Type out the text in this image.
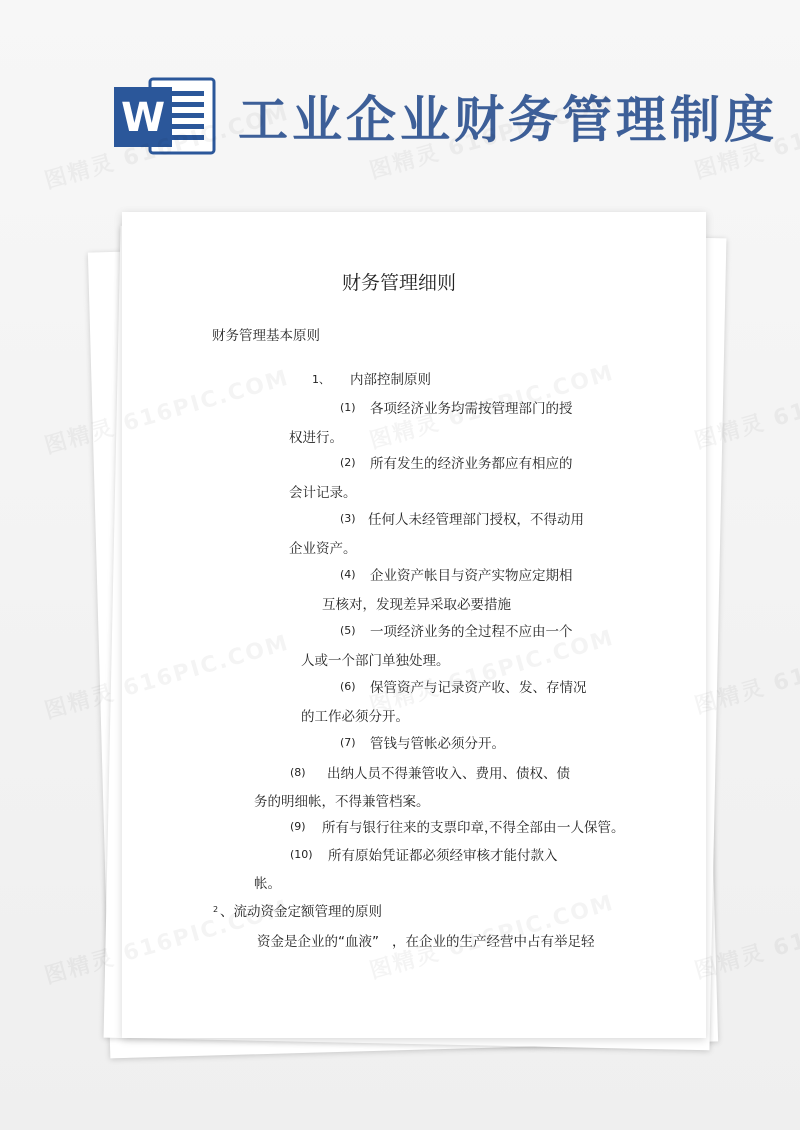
W 工业企业财务管理制度
财务管理细则
财务管理基本原则
1、 内部控制原则
(1) 各项经济业务均需按管理部门的授
权进行。
(2) 所有发生的经济业务都应有相应的
会计记录。
(3) 任何人未经管理部门授权， 不得动用
企业资产。
(4) 企业资产帐目与资产实物应定期相
互核对，发现差异采取必要措施
(5) 一项经济业务的全过程不应由一个
人或一个部门单独处理。
(6) 保管资产与记录资产收、 发、存情况
的工作必须分开。
(7) 管钱与管帐必须分开。
(8) 出纳人员不得兼管收入、费用、债权、债
务的明细帐，不得兼管档案。
(9) 所有与银行往来的支票印章，
不得全部由 一人保管。
(10) 所有原始凭证都必须经审核才能付款入
帐。
2 、流动资金定额管理的原则
资金是企业的“血液” ，在企业的生产经营中占有举足轻
